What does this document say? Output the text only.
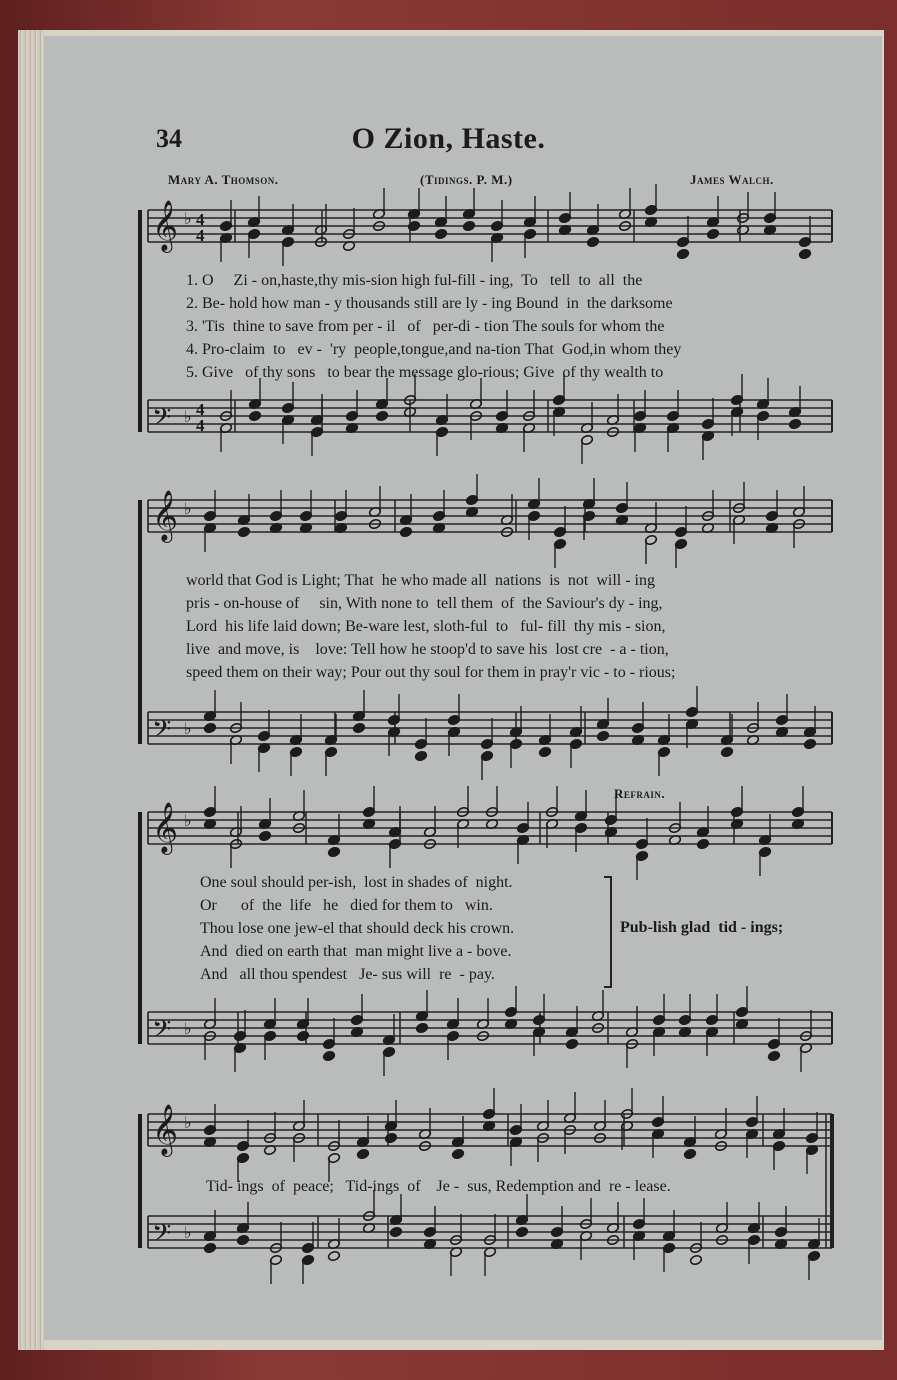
34	O Zion, Haste.
Mary A. Thomson.	(Tidings. P. M.)	James Walch.
Refrain.
𝄞 ♭ 4
4
𝄢 ♭ 4
4
𝄞 ♭
𝄢 ♭
𝄞 ♭
𝄢 ♭
𝄞 ♭
𝄢 ♭
1. O     Zi - on,haste,thy mis-sion high ful-fill - ing,  To   tell  to  all  the
2. Be- hold how man - y thousands still are ly - ing Bound  in  the darksome
3. 'Tis  thine to save from per - il   of   per-di - tion The souls for whom the
4. Pro-claim  to   ev -  'ry  people,tongue,and na-tion That  God,in whom they
5. Give   of thy sons   to bear the message glo-rious; Give  of thy wealth to
world that God is Light; That  he who made all  nations  is  not  will - ing
pris - on-house of     sin, With none to  tell them  of  the Saviour's dy - ing,
Lord  his life laid down; Be-ware lest, sloth-ful  to   ful- fill  thy mis - sion,
live  and move, is    love: Tell how he stoop'd to save his  lost cre  - a - tion,
speed them on their way; Pour out thy soul for them in pray'r vic - to - rious;
One soul should per-ish,  lost in shades of  night.
Or      of  the  life   he   died for them to   win.
Thou lose one jew-el that should deck his crown.
And  died on earth that  man might live a - bove.
And   all thou spendest   Je- sus will  re  - pay.
Pub-lish glad  tid - ings;
Tid- ings  of  peace;   Tid-ings  of    Je -  sus, Redemption and  re - lease.
